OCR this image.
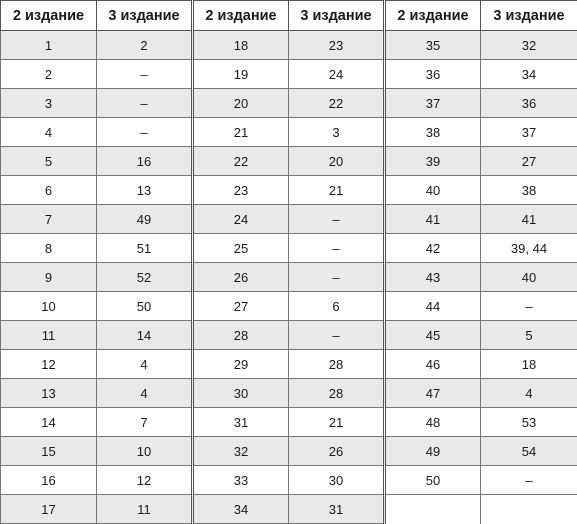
2 издание	3 издание	2 издание	3 издание	2 издание	3 издание
1	2	18	23	35	32
2	–	19	24	36	34
3	–	20	22	37	36
4	–	21	3	38	37
5	16	22	20	39	27
6	13	23	21	40	38
7	49	24	–	41	41
8	51	25	–	42	39, 44
9	52	26	–	43	40
10	50	27	6	44	–
11	14	28	–	45	5
12	4	29	28	46	18
13	4	30	28	47	4
14	7	31	21	48	53
15	10	32	26	49	54
16	12	33	30	50	–
17	11	34	31		
